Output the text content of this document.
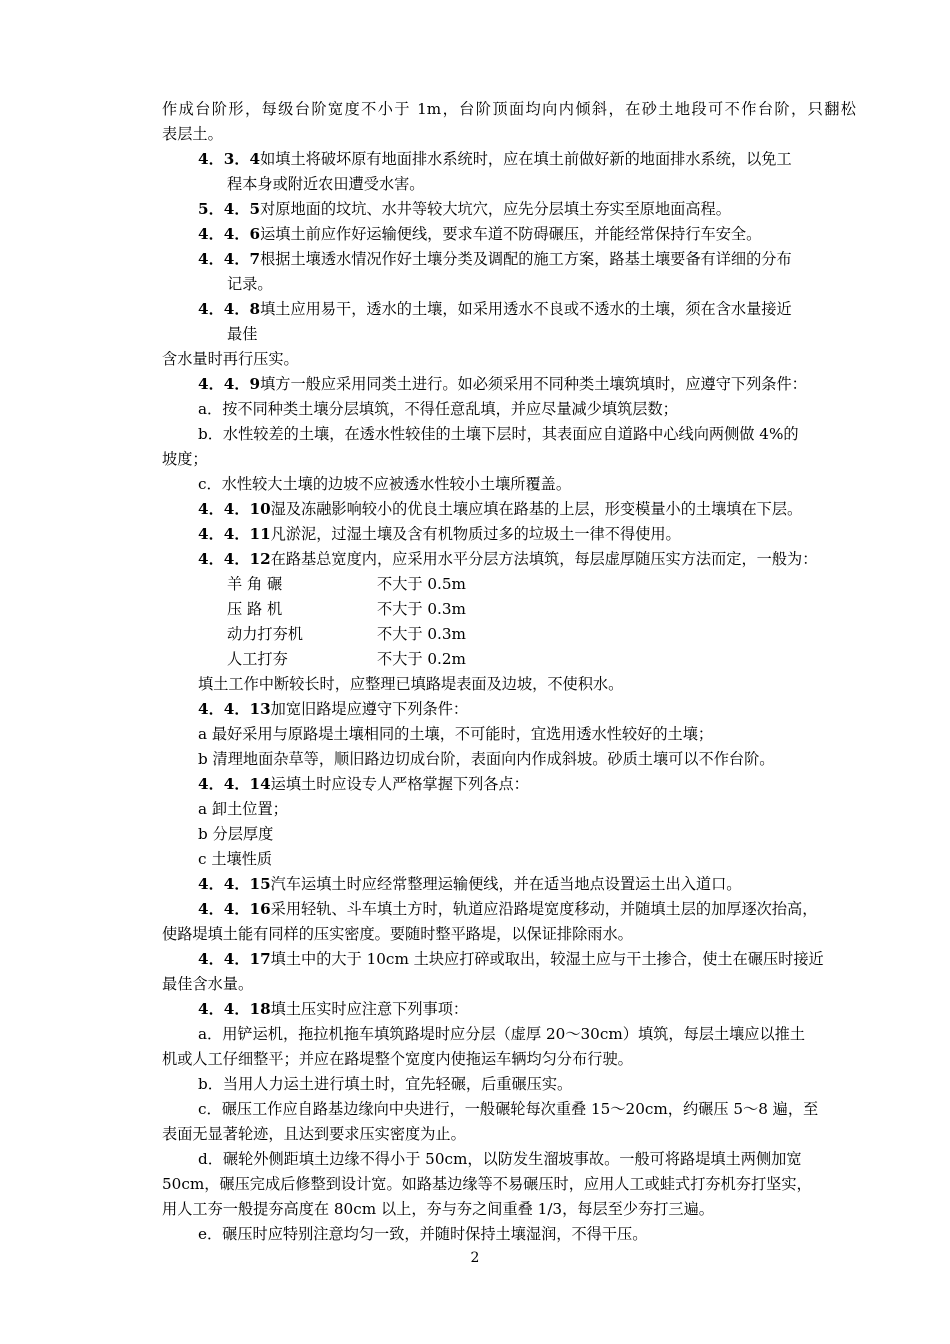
作成台阶形，每级台阶宽度不小于 1m，台阶顶面均向内倾斜，在砂土地段可不作台阶，只翻松
表层土。
4．3．4如填土将破坏原有地面排水系统时，应在填土前做好新的地面排水系统，以免工
程本身或附近农田遭受水害。
5．4．5对原地面的坟坑、水井等较大坑穴，应先分层填土夯实至原地面高程。
4．4．6运填土前应作好运输便线，要求车道不防碍碾压，并能经常保持行车安全。
4．4．7根据土壤透水情况作好土壤分类及调配的施工方案，路基土壤要备有详细的分布
记录。
4．4．8填土应用易干，透水的土壤，如采用透水不良或不透水的土壤，须在含水量接近
最佳
含水量时再行压实。
4．4．9填方一般应采用同类土进行。如必须采用不同种类土壤筑填时，应遵守下列条件：
a．按不同种类土壤分层填筑，不得任意乱填，并应尽量减少填筑层数；
b．水性较差的土壤，在透水性较佳的土壤下层时，其表面应自道路中心线向两侧做 4%的
坡度；
c．水性较大土壤的边坡不应被透水性较小土壤所覆盖。
4．4．10湿及冻融影响较小的优良土壤应填在路基的上层，形变模量小的土壤填在下层。
4．4．11凡淤泥，过湿土壤及含有机物质过多的垃圾土一律不得使用。
4．4．12在路基总宽度内，应采用水平分层方法填筑，每层虚厚随压实方法而定，一般为：
羊 角 碾	不大于 0.5m
压 路 机	不大于 0.3m
动力打夯机	不大于 0.3m
人工打夯	不大于 0.2m
填土工作中断较长时，应整理已填路堤表面及边坡，不使积水。
4．4．13加宽旧路堤应遵守下列条件：
a 最好采用与原路堤土壤相同的土壤，不可能时，宜选用透水性较好的土壤；
b 清理地面杂草等，顺旧路边切成台阶，表面向内作成斜坡。砂质土壤可以不作台阶。
4．4．14运填土时应设专人严格掌握下列各点：
a 卸土位置；
b 分层厚度
c 土壤性质
4．4．15汽车运填土时应经常整理运输便线，并在适当地点设置运土出入道口。
4．4．16采用轻轨、斗车填土方时，轨道应沿路堤宽度移动，并随填土层的加厚逐次抬高，
使路堤填土能有同样的压实密度。要随时整平路堤，以保证排除雨水。
4．4．17填土中的大于 10cm 土块应打碎或取出，较湿土应与干土掺合，使土在碾压时接近
最佳含水量。
4．4．18填土压实时应注意下列事项：
a．用铲运机，拖拉机拖车填筑路堤时应分层（虚厚 20～30cm）填筑，每层土壤应以推土
机或人工仔细整平；并应在路堤整个宽度内使拖运车辆均匀分布行驶。
b．当用人力运土进行填土时，宜先轻碾，后重碾压实。
c．碾压工作应自路基边缘向中央进行，一般碾轮每次重叠 15～20cm，约碾压 5～8 遍，至
表面无显著轮迹，且达到要求压实密度为止。
d．碾轮外侧距填土边缘不得小于 50cm，以防发生溜坡事故。一般可将路堤填土两侧加宽
50cm，碾压完成后修整到设计宽。如路基边缘等不易碾压时，应用人工或蛙式打夯机夯打坚实，
用人工夯一般提夯高度在 80cm 以上，夯与夯之间重叠 1/3，每层至少夯打三遍。
e．碾压时应特别注意均匀一致，并随时保持土壤湿润，不得干压。
2
